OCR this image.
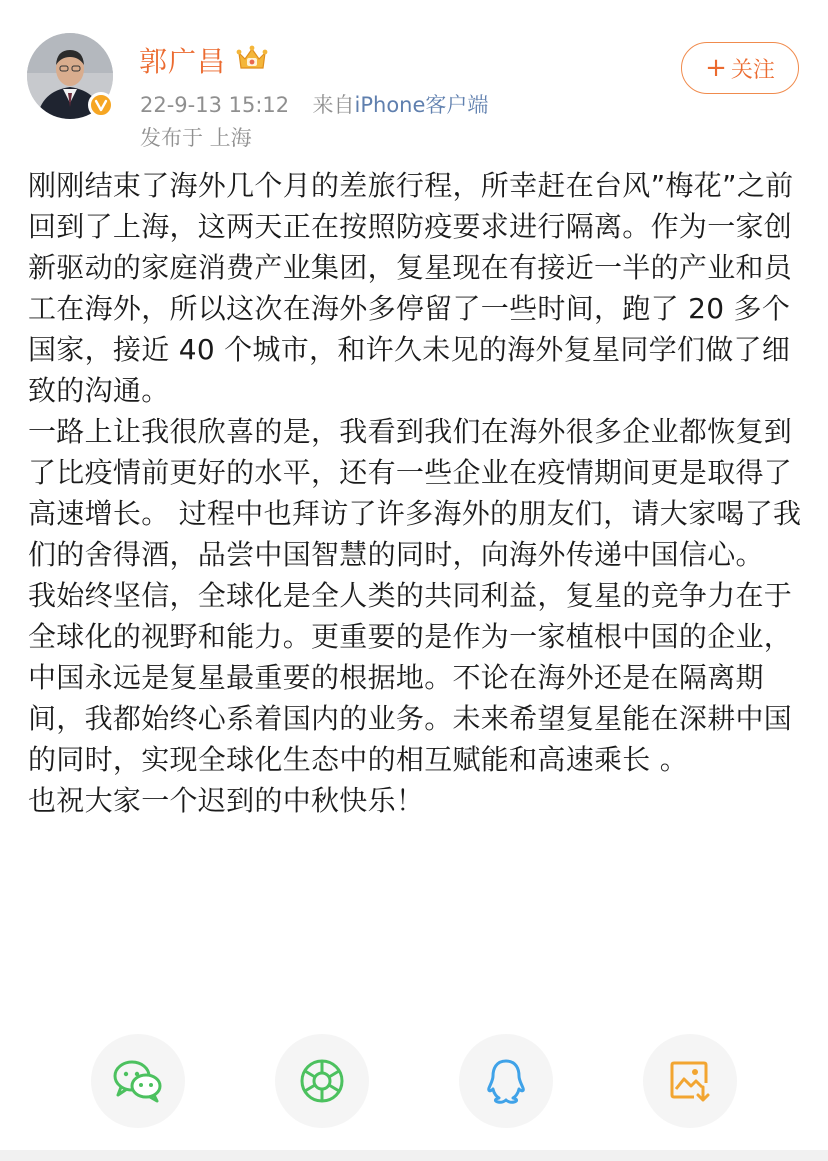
郭广昌
22-9-13 15:12 来自iPhone客户端
发布于 上海
+ 关注

刚刚结束了海外几个月的差旅行程，所幸赶在台风”梅花”之前回到了上海，这两天正在按照防疫要求进行隔离。作为一家创新驱动的家庭消费产业集团，复星现在有接近一半的产业和员工在海外，所以这次在海外多停留了一些时间，跑了 20 多个国家，接近 40 个城市，和许久未见的海外复星同学们做了细致的沟通。

一路上让我很欣喜的是，我看到我们在海外很多企业都恢复到了比疫情前更好的水平，还有一些企业在疫情期间更是取得了高速增长。 过程中也拜访了许多海外的朋友们，请大家喝了我们的舍得酒，品尝中国智慧的同时，向海外传递中国信心。

我始终坚信，全球化是全人类的共同利益，复星的竞争力在于全球化的视野和能力。更重要的是作为一家植根中国的企业，中国永远是复星最重要的根据地。不论在海外还是在隔离期间，我都始终心系着国内的业务。未来希望复星能在深耕中国的同时，实现全球化生态中的相互赋能和高速乘长 。

也祝大家一个迟到的中秋快乐！
